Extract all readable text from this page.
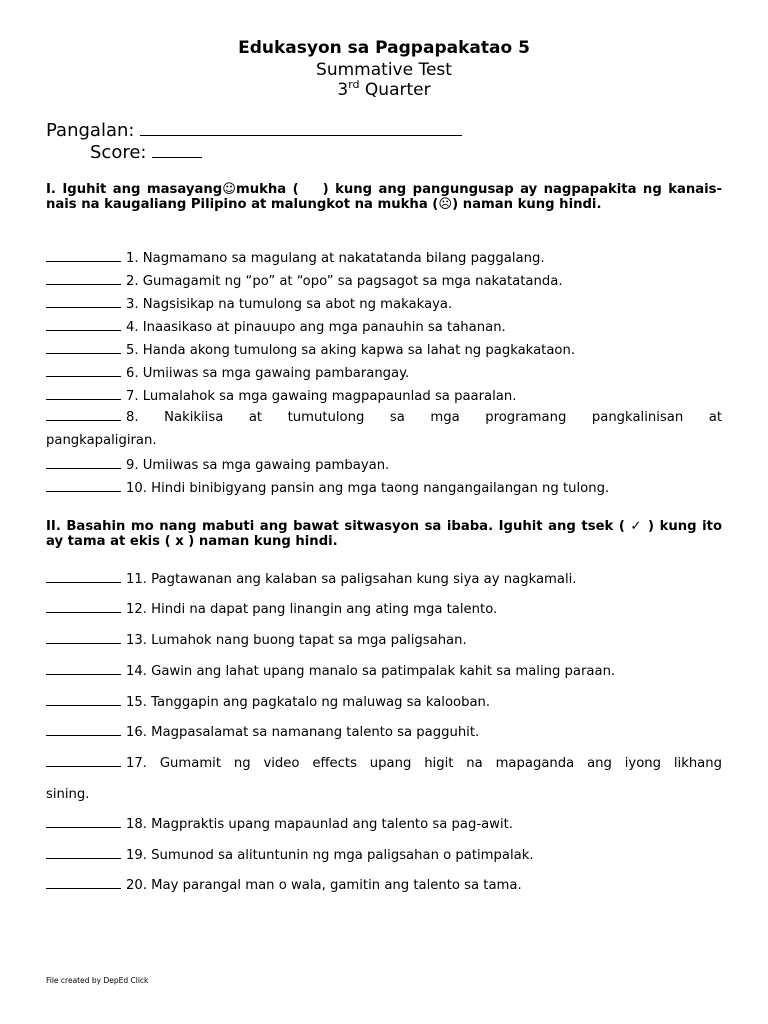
Edukasyon sa Pagpapakatao 5
Summative Test
3rd Quarter
Pangalan:
Score:
I. Iguhit ang masayang☺mukha ( ) kung ang pangungusap ay nagpapakita ng kanais-nais na kaugaliang Pilipino at malungkot na mukha (☹) naman kung hindi.
1. Nagmamano sa magulang at nakatatanda bilang paggalang.
2. Gumagamit ng “po” at “opo” sa pagsagot sa mga nakatatanda.
3. Nagsisikap na tumulong sa abot ng makakaya.
4. Inaasikaso at pinauupo ang mga panauhin sa tahanan.
5. Handa akong tumulong sa aking kapwa sa lahat ng pagkakataon.
6. Umiiwas sa mga gawaing pambarangay.
7. Lumalahok sa mga gawaing magpapaunlad sa paaralan.
8. Nakikiisa at tumutulong sa mga programang pangkalinisan at
pangkapaligiran.
9. Umiiwas sa mga gawaing pambayan.
10. Hindi binibigyang pansin ang mga taong nangangailangan ng tulong.
II. Basahin mo nang mabuti ang bawat sitwasyon sa ibaba. Iguhit ang tsek ( ✓ ) kung ito ay tama at ekis ( x ) naman kung hindi.
11. Pagtawanan ang kalaban sa paligsahan kung siya ay nagkamali.
12. Hindi na dapat pang linangin ang ating mga talento.
13. Lumahok nang buong tapat sa mga paligsahan.
14. Gawin ang lahat upang manalo sa patimpalak kahit sa maling paraan.
15. Tanggapin ang pagkatalo ng maluwag sa kalooban.
16. Magpasalamat sa namanang talento sa pagguhit.
17. Gumamit ng video effects upang higit na mapaganda ang iyong likhang
sining.
18. Magpraktis upang mapaunlad ang talento sa pag-awit.
19. Sumunod sa alituntunin ng mga paligsahan o patimpalak.
20. May parangal man o wala, gamitin ang talento sa tama.
File created by DepEd Click
